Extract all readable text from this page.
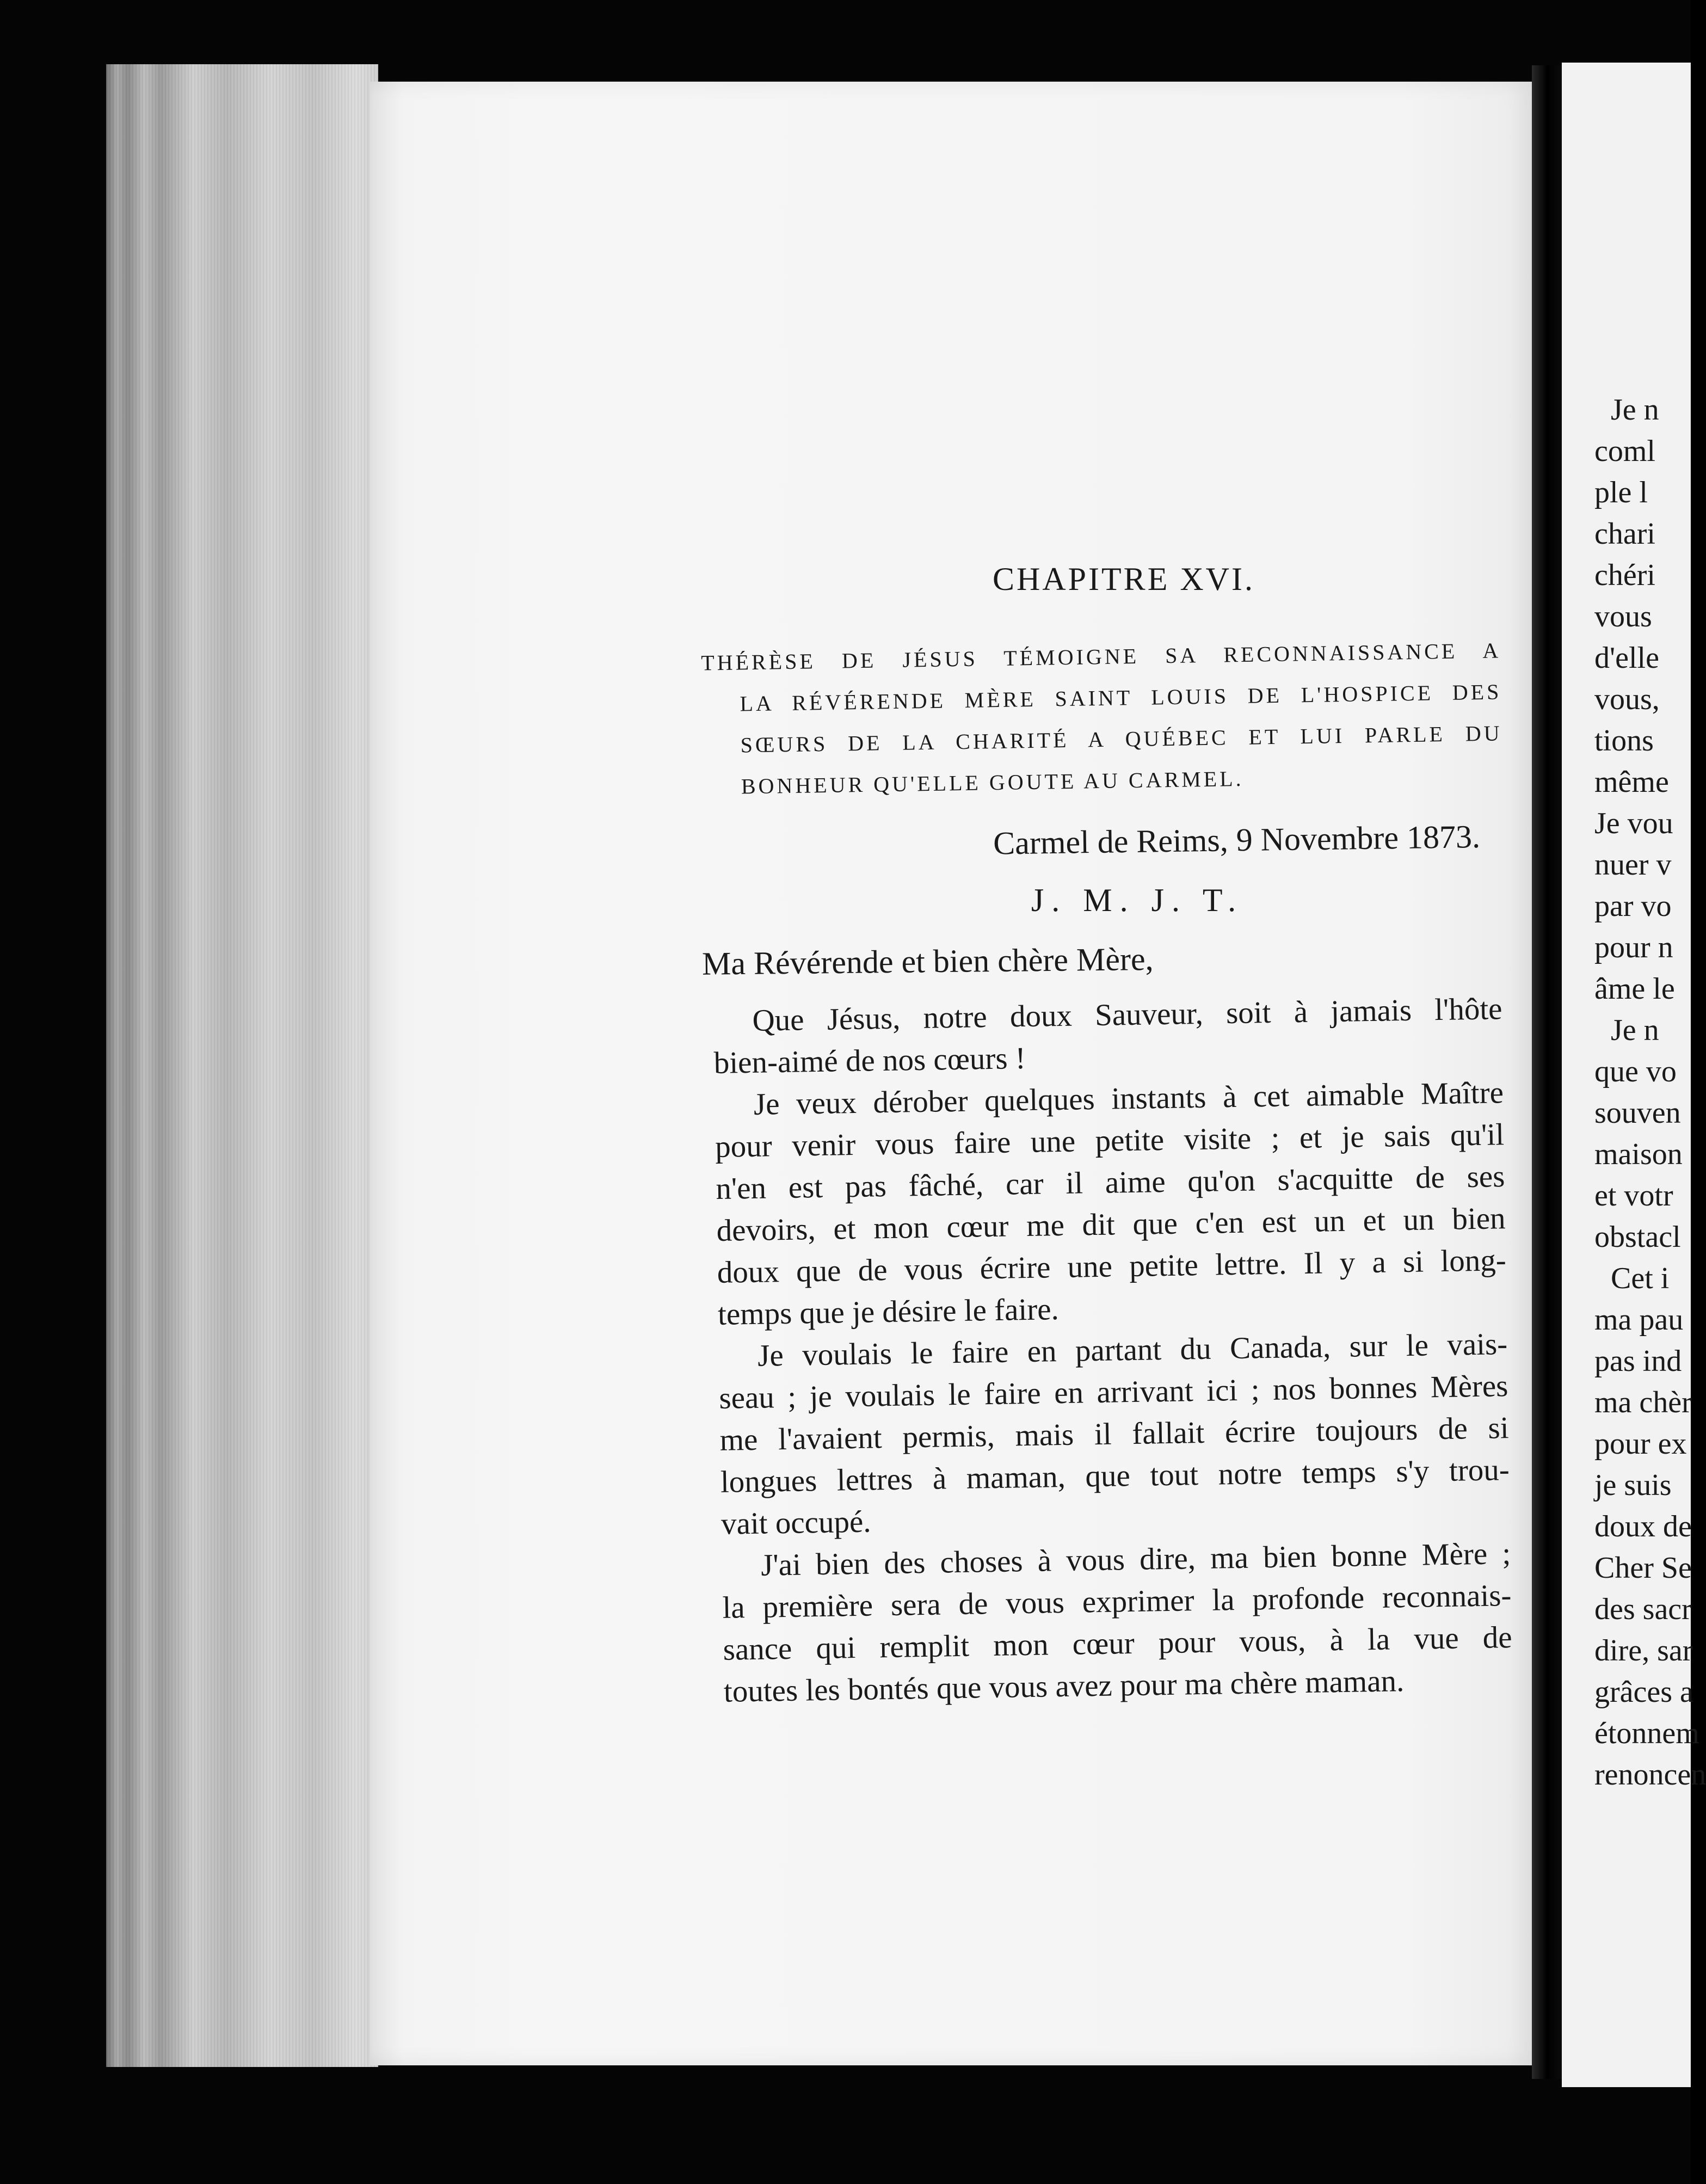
Je n
coml
ple l
chari
chéri
vous
d'elle
vous,
tions
même
Je vou
nuer v
par vo
pour n
âme le
Je n
que vo
souven
maison
et votr
obstacl
Cet i
ma pau
pas ind
ma chèr
pour ex
je suis
doux de
Cher Se
des sacr
dire, sar
grâces a
étonnem
renoncen
CHAPITRE XVI.
THÉRÈSE DE JÉSUS TÉMOIGNE SA RECONNAISSANCE A
LA RÉVÉRENDE MÈRE SAINT LOUIS DE L'HOSPICE DES
SŒURS DE LA CHARITÉ A QUÉBEC ET LUI PARLE DU
BONHEUR QU'ELLE GOUTE AU CARMEL.
Carmel de Reims, 9 Novembre 1873.
J. M. J. T.
Ma Révérende et bien chère Mère,
Que Jésus, notre doux Sauveur, soit à jamais l'hôte
bien-aimé de nos cœurs !
Je veux dérober quelques instants à cet aimable Maître
pour venir vous faire une petite visite ; et je sais qu'il
n'en est pas fâché, car il aime qu'on s'acquitte de ses
devoirs, et mon cœur me dit que c'en est un et un bien
doux que de vous écrire une petite lettre. Il y a si long-
temps que je désire le faire.
Je voulais le faire en partant du Canada, sur le vais-
seau ; je voulais le faire en arrivant ici ; nos bonnes Mères
me l'avaient permis, mais il fallait écrire toujours de si
longues lettres à maman, que tout notre temps s'y trou-
vait occupé.
J'ai bien des choses à vous dire, ma bien bonne Mère ;
la première sera de vous exprimer la profonde reconnais-
sance qui remplit mon cœur pour vous, à la vue de
toutes les bontés que vous avez pour ma chère maman.
